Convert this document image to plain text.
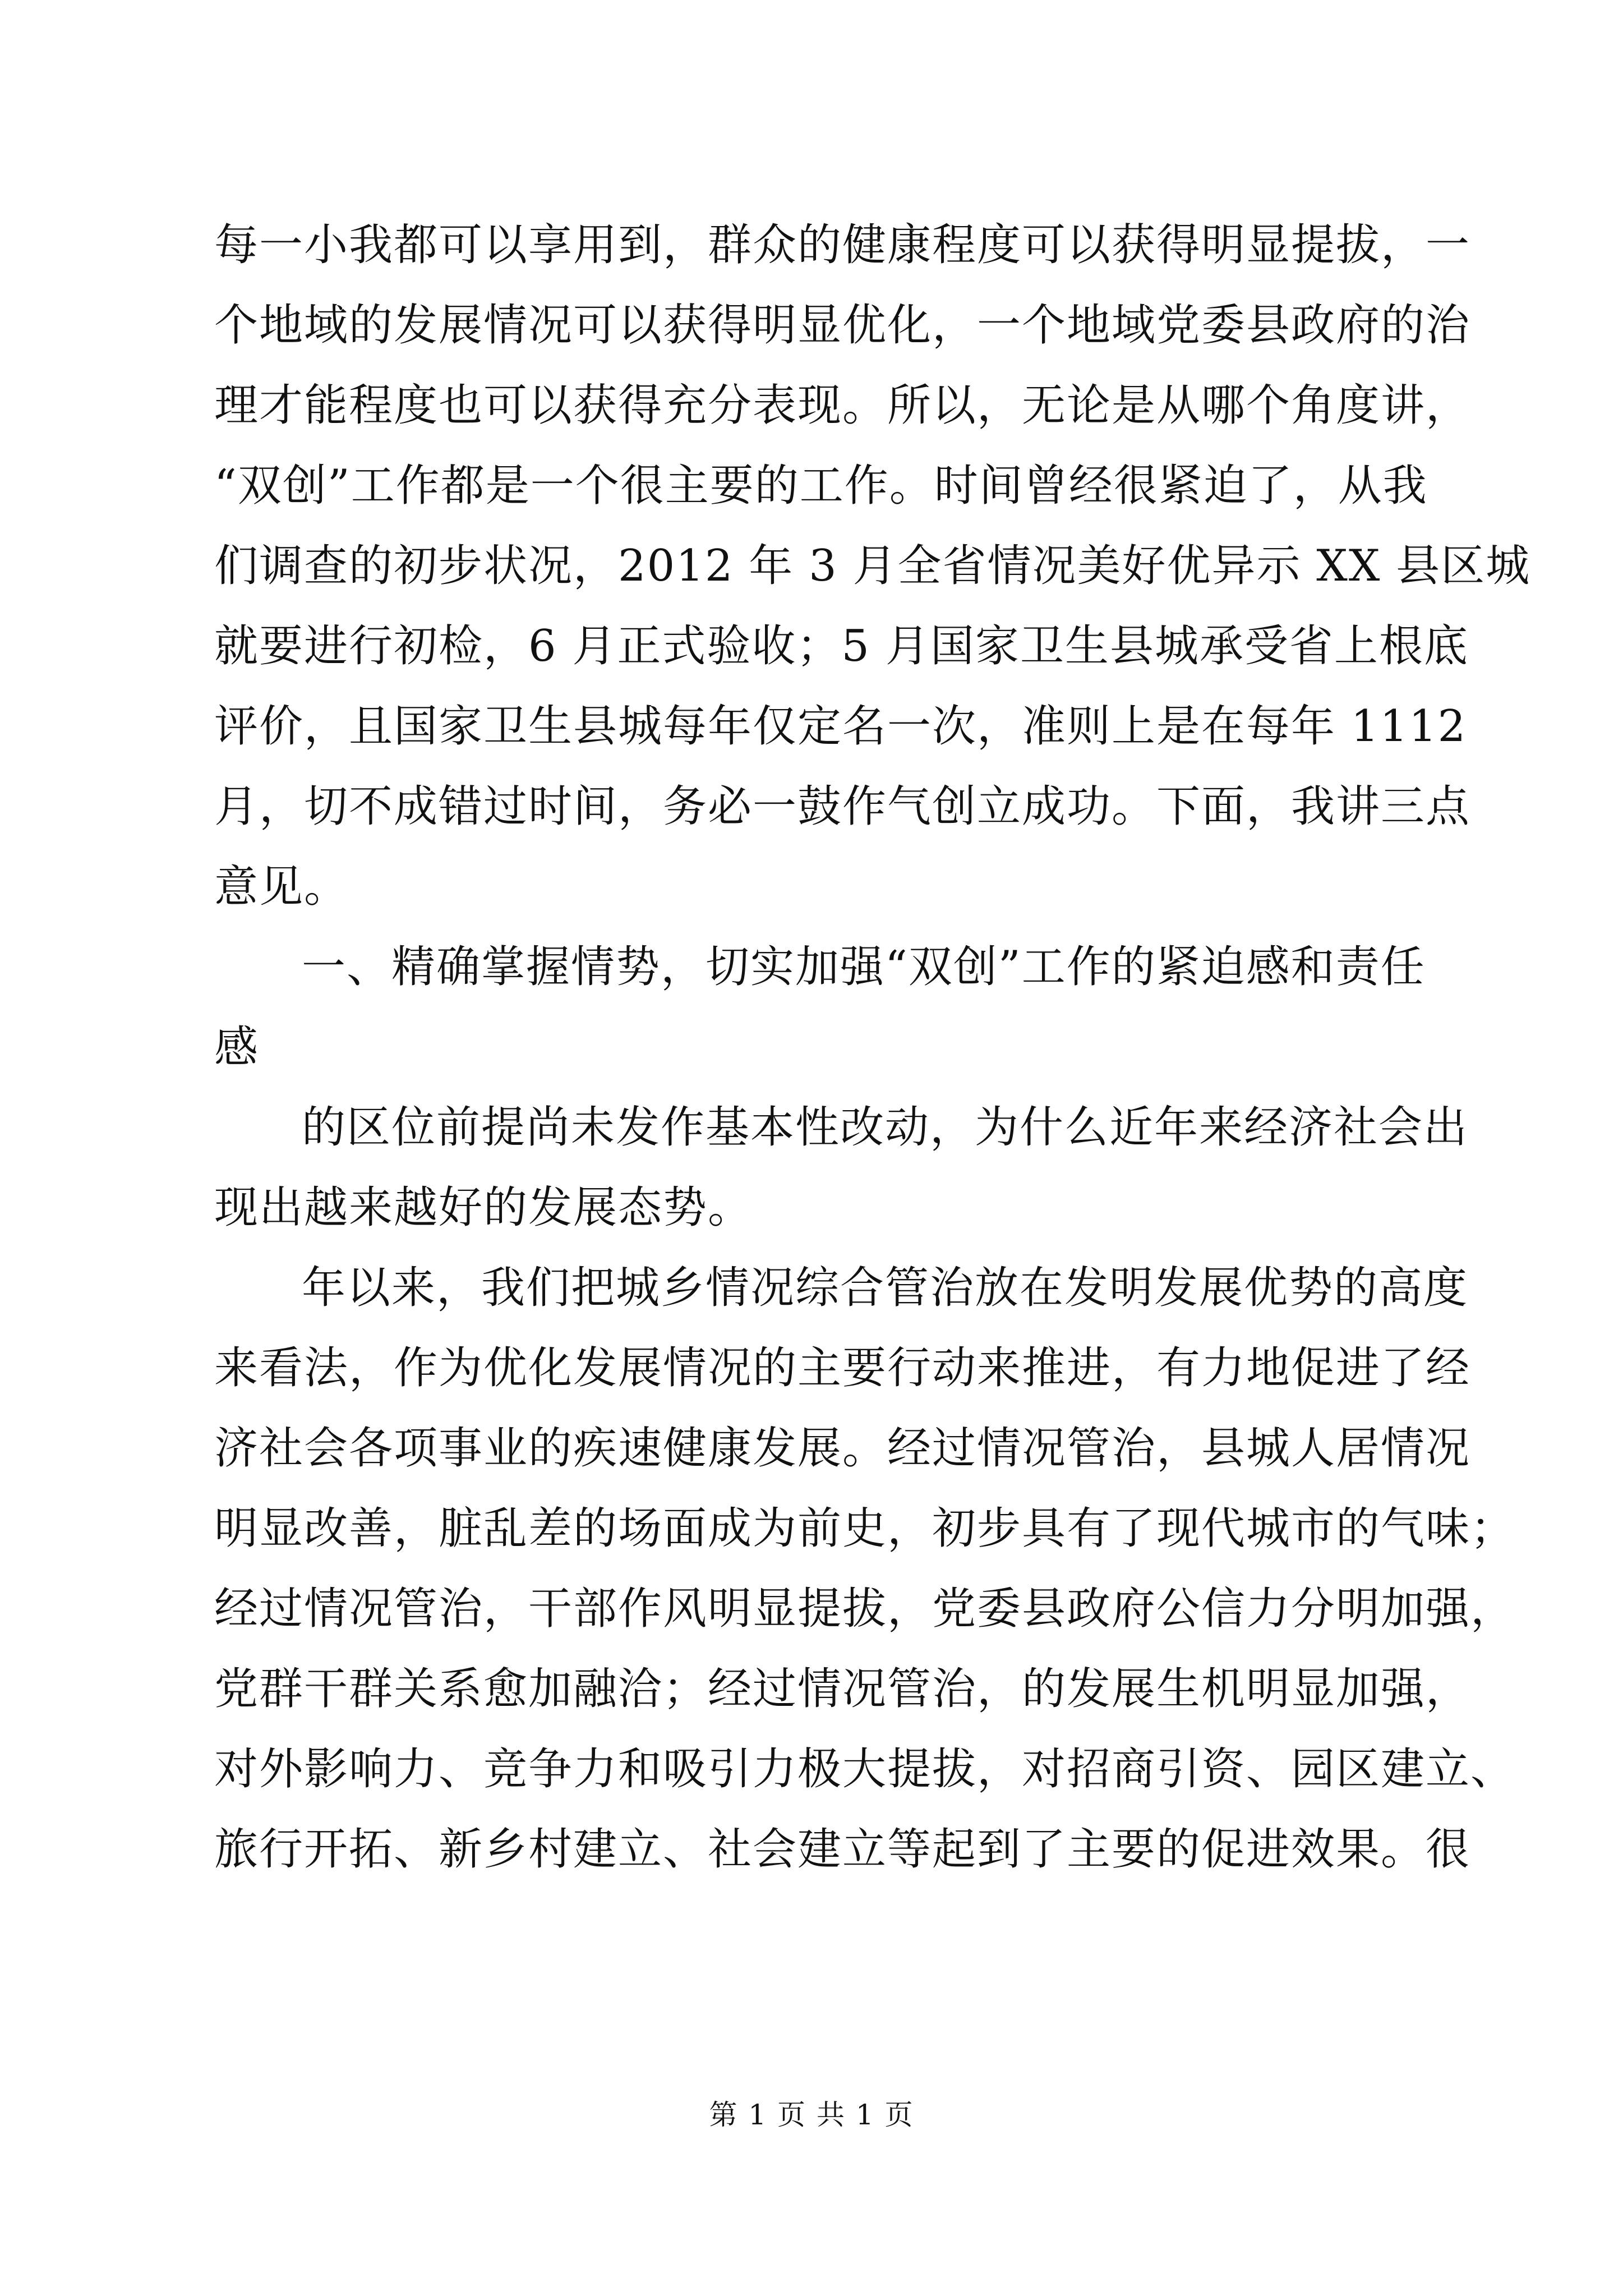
每一小我都可以享用到，群众的健康程度可以获得明显提拔，一
个地域的发展情况可以获得明显优化，一个地域党委县政府的治
理才能程度也可以获得充分表现。所以，无论是从哪个角度讲，
“双创”工作都是一个很主要的工作。时间曾经很紧迫了，从我
们调查的初步状况，2012 年 3 月全省情况美好优异示 XX 县区城
就要进行初检，6 月正式验收；5 月国家卫生县城承受省上根底
评价，且国家卫生县城每年仅定名一次，准则上是在每年 1112
月，切不成错过时间，务必一鼓作气创立成功。下面，我讲三点
意见。

一、精确掌握情势，切实加强“双创”工作的紧迫感和责任
感

的区位前提尚未发作基本性改动，为什么近年来经济社会出
现出越来越好的发展态势。

年以来，我们把城乡情况综合管治放在发明发展优势的高度
来看法，作为优化发展情况的主要行动来推进，有力地促进了经
济社会各项事业的疾速健康发展。经过情况管治，县城人居情况
明显改善，脏乱差的场面成为前史，初步具有了现代城市的气味；
经过情况管治，干部作风明显提拔，党委县政府公信力分明加强，
党群干群关系愈加融洽；经过情况管治，的发展生机明显加强，
对外影响力、竞争力和吸引力极大提拔，对招商引资、园区建立、
旅行开拓、新乡村建立、社会建立等起到了主要的促进效果。很

第 1 页 共 1 页
